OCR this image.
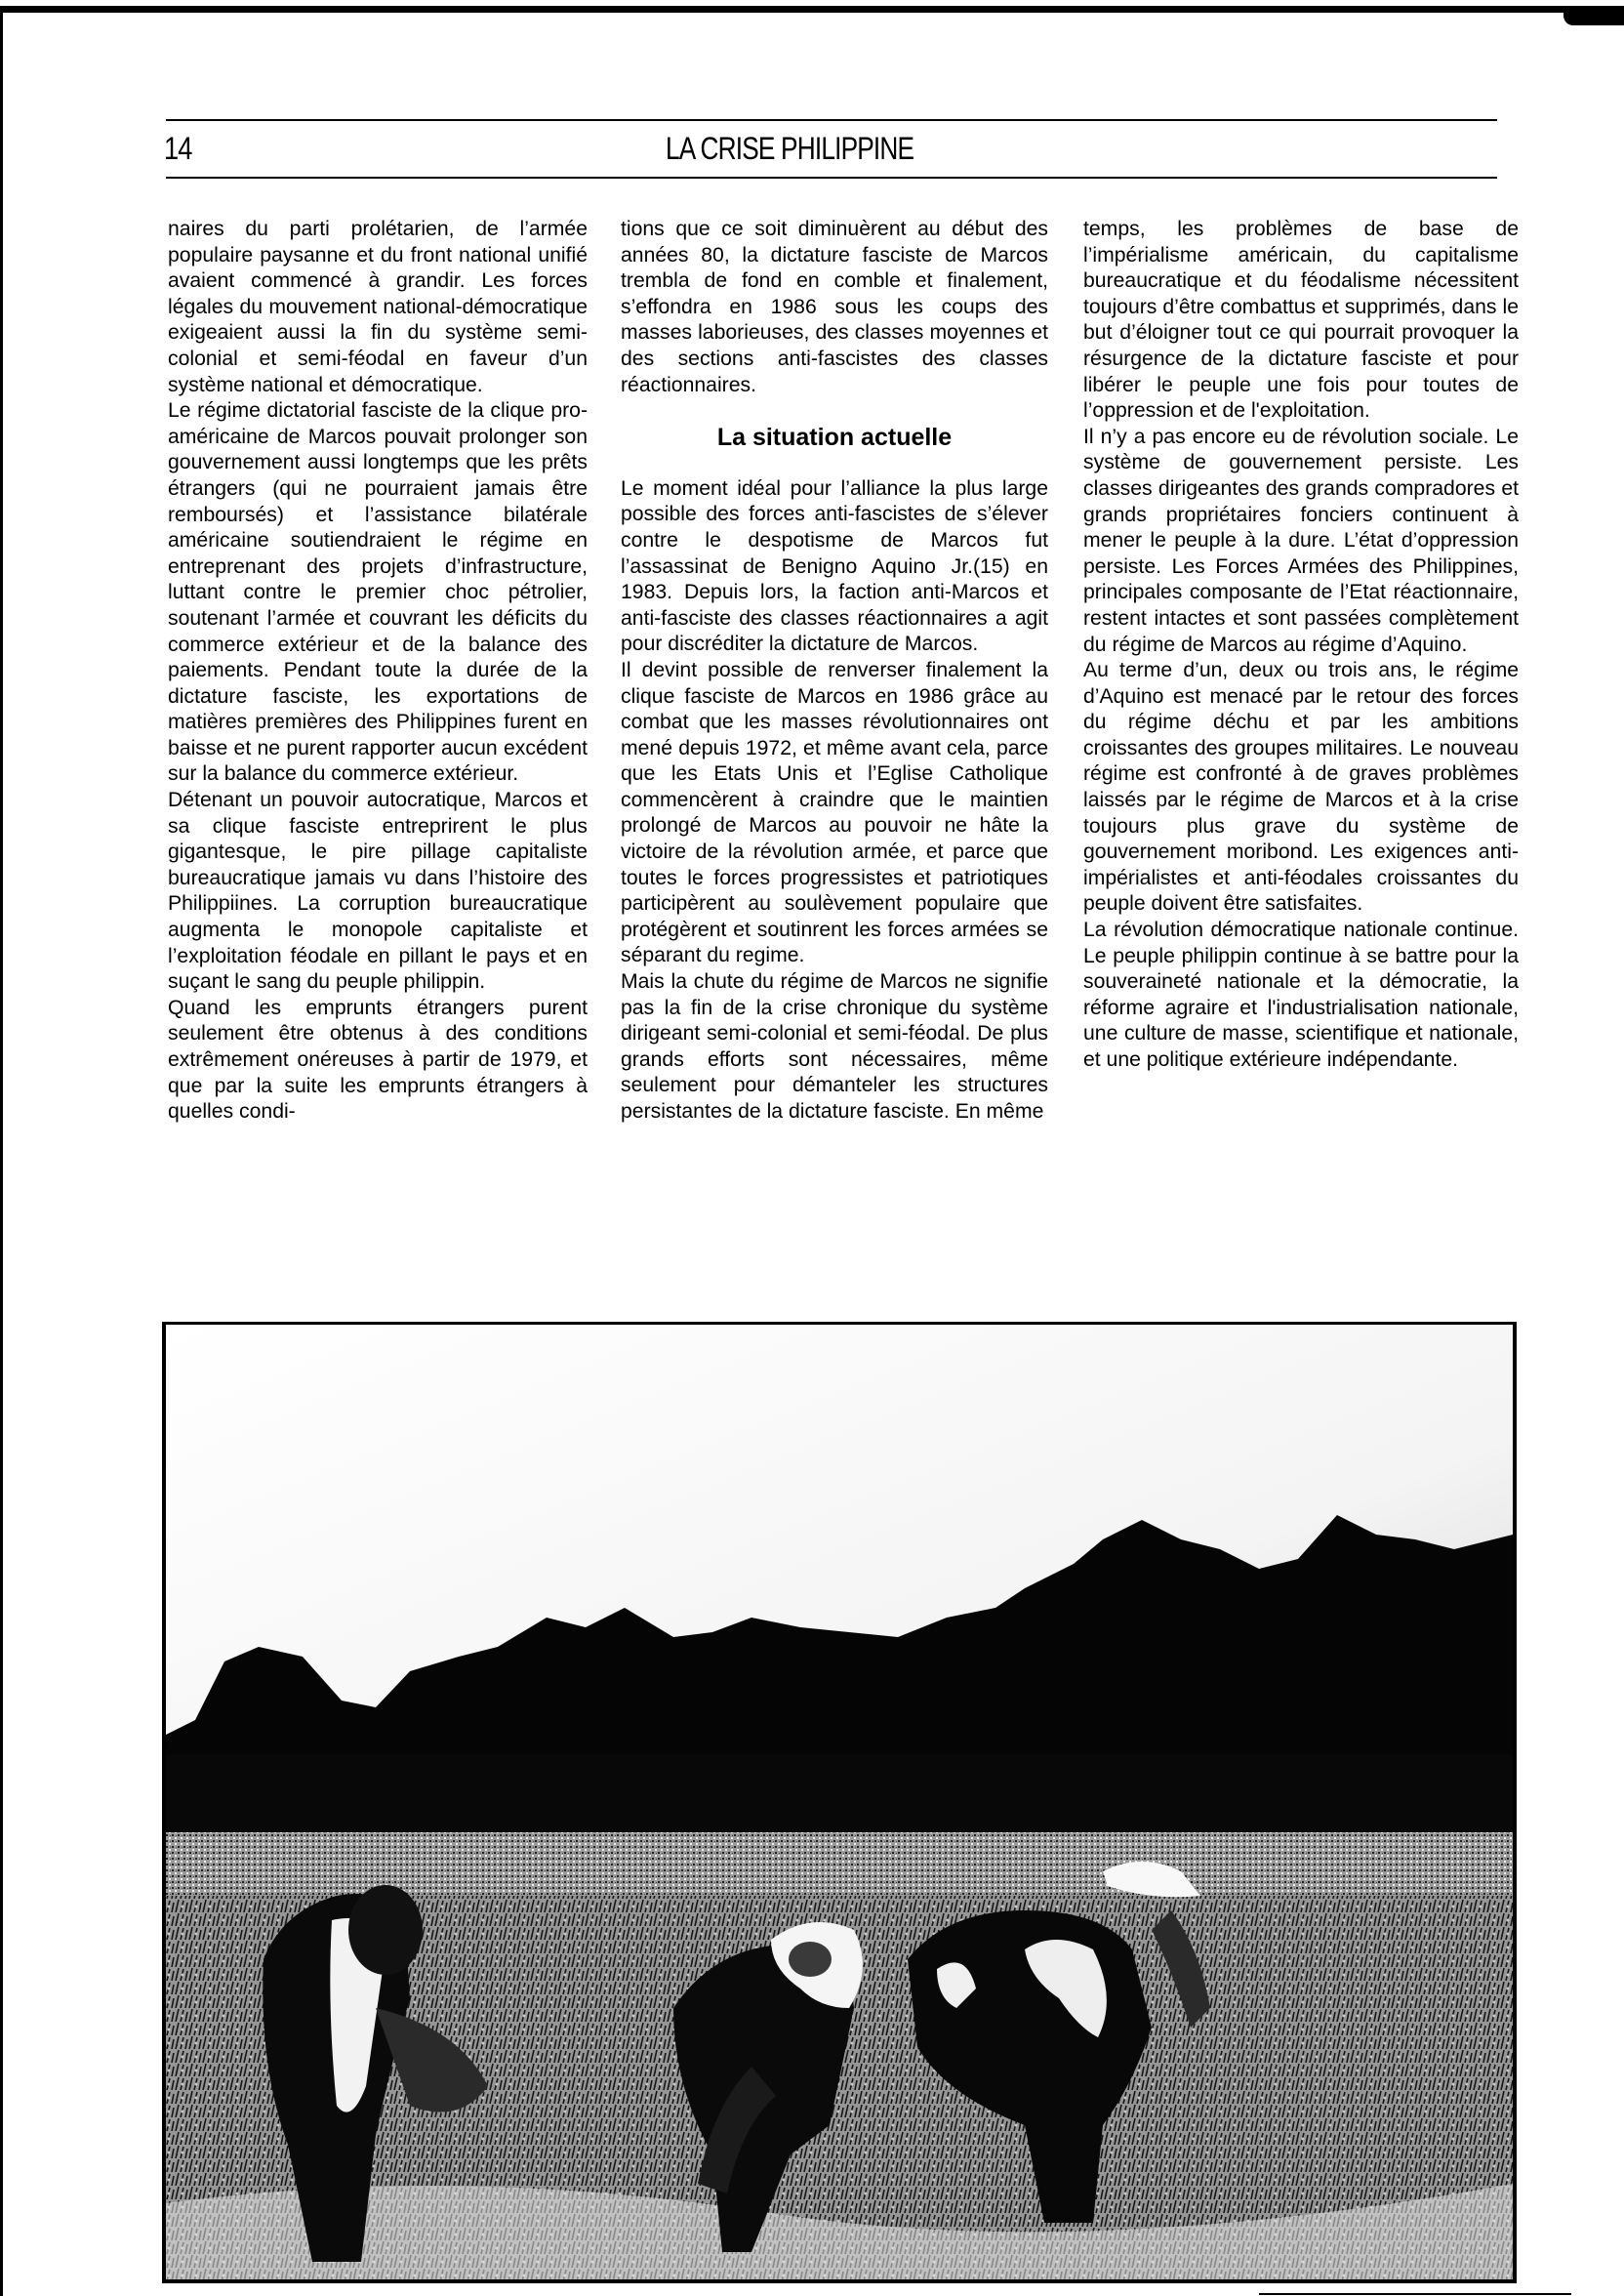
14	LA CRISE PHILIPPINE

naires du parti prolétarien, de l’armée populaire paysanne et du front national unifié avaient commencé à grandir. Les forces légales du mouvement national-démocratique exigeaient aussi la fin du système semi-colonial et semi-féodal en faveur d’un système national et démocratique.

Le régime dictatorial fasciste de la clique pro-américaine de Marcos pouvait prolonger son gouvernement aussi longtemps que les prêts étrangers (qui ne pourraient jamais être remboursés) et l’assistance bilatérale américaine soutiendraient le régime en entreprenant des projets d’infrastructure, luttant contre le premier choc pétrolier, soutenant l’armée et couvrant les déficits du commerce extérieur et de la balance des paiements. Pendant toute la durée de la dictature fasciste, les exportations de matières premières des Philippines furent en baisse et ne purent rapporter aucun excédent sur la balance du commerce extérieur.

Détenant un pouvoir autocratique, Marcos et sa clique fasciste entreprirent le plus gigantesque, le pire pillage capitaliste bureaucratique jamais vu dans l’histoire des Philippiines. La corruption bureaucratique augmenta le monopole capitaliste et l’exploitation féodale en pillant le pays et en suçant le sang du peuple philippin.

Quand les emprunts étrangers purent seulement être obtenus à des conditions extrêmement onéreuses à partir de 1979, et que par la suite les emprunts étrangers à quelles condi-

tions que ce soit diminuèrent au début des années 80, la dictature fasciste de Marcos trembla de fond en comble et finalement, s’effondra en 1986 sous les coups des masses laborieuses, des classes moyennes et des sections anti-fascistes des classes réactionnaires.

La situation actuelle

Le moment idéal pour l’alliance la plus large possible des forces anti-fascistes de s’élever contre le despotisme de Marcos fut l’assassinat de Benigno Aquino Jr.(15) en 1983. Depuis lors, la faction anti-Marcos et anti-fasciste des classes réactionnaires a agit pour discréditer la dictature de Marcos.

Il devint possible de renverser finalement la clique fasciste de Marcos en 1986 grâce au combat que les masses révolutionnaires ont mené depuis 1972, et même avant cela, parce que les Etats Unis et l’Eglise Catholique commencèrent à craindre que le maintien prolongé de Marcos au pouvoir ne hâte la victoire de la révolution armée, et parce que toutes le forces progressistes et patriotiques participèrent au soulèvement populaire que protégèrent et soutinrent les forces armées se séparant du regime.

Mais la chute du régime de Marcos ne signifie pas la fin de la crise chronique du système dirigeant semi-colonial et semi-féodal. De plus grands efforts sont nécessaires, même seulement pour démanteler les structures persistantes de la dictature fasciste. En même

temps, les problèmes de base de l’impérialisme américain, du capitalisme bureaucratique et du féodalisme nécessitent toujours d’être combattus et supprimés, dans le but d’éloigner tout ce qui pourrait provoquer la résurgence de la dictature fasciste et pour libérer le peuple une fois pour toutes de l’oppression et de l'exploitation.

Il n’y a pas encore eu de révolution sociale. Le système de gouvernement persiste. Les classes dirigeantes des grands compradores et grands propriétaires fonciers continuent à mener le peuple à la dure. L’état d’oppression persiste. Les Forces Armées des Philippines, principales composante de l’Etat réactionnaire, restent intactes et sont passées complètement du régime de Marcos au régime d’Aquino.

Au terme d’un, deux ou trois ans, le régime d’Aquino est menacé par le retour des forces du régime déchu et par les ambitions croissantes des groupes militaires. Le nouveau régime est confronté à de graves problèmes laissés par le régime de Marcos et à la crise toujours plus grave du système de gouvernement moribond. Les exigences anti-impérialistes et anti-féodales croissantes du peuple doivent être satisfaites.

La révolution démocratique nationale continue. Le peuple philippin continue à se battre pour la souveraineté nationale et la démocratie, la réforme agraire et l'industrialisation nationale, une culture de masse, scientifique et nationale, et une politique extérieure indépendante.
